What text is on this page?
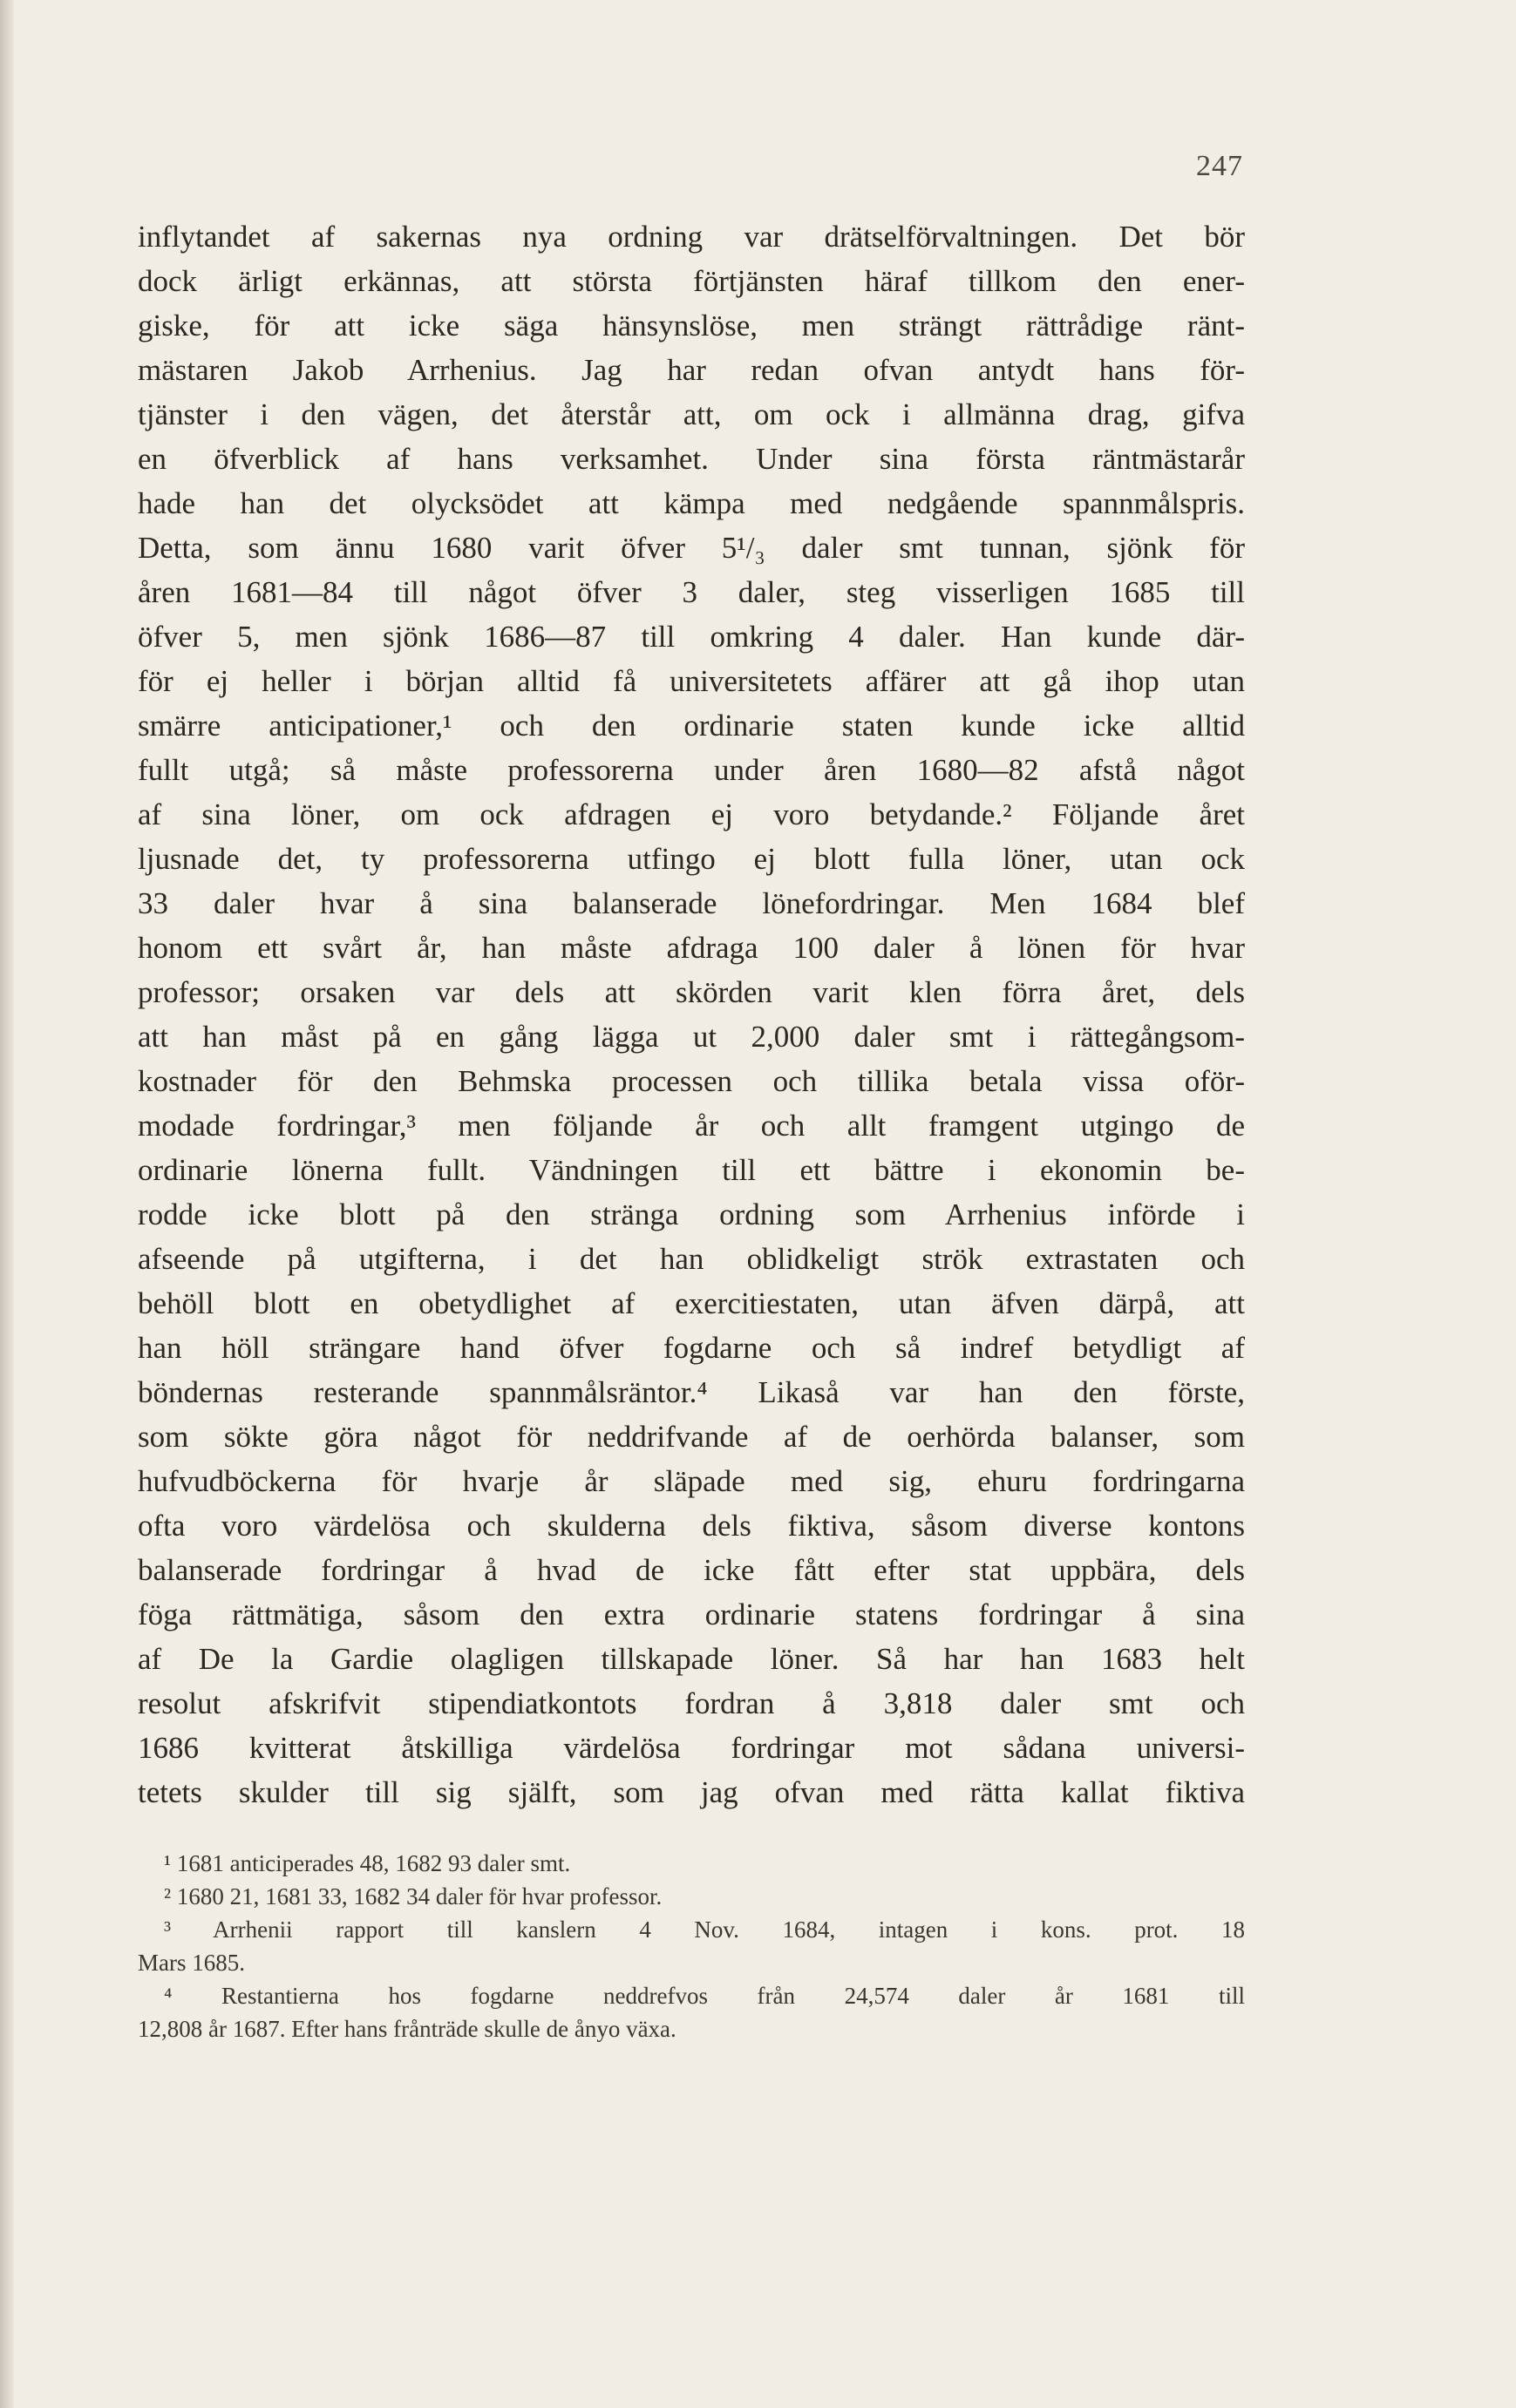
247
inflytandet af sakernas nya ordning var drätselförvaltningen. Det bör
dock ärligt erkännas, att största förtjänsten häraf tillkom den ener-
giske, för att icke säga hänsynslöse, men strängt rättrådige ränt-
mästaren Jakob Arrhenius. Jag har redan ofvan antydt hans för-
tjänster i den vägen, det återstår att, om ock i allmänna drag, gifva
en öfverblick af hans verksamhet. Under sina första räntmästarår
hade han det olycksödet att kämpa med nedgående spannmålspris.
Detta, som ännu 1680 varit öfver 5¹/₃ daler smt tunnan, sjönk för
åren 1681—84 till något öfver 3 daler, steg visserligen 1685 till
öfver 5, men sjönk 1686—87 till omkring 4 daler. Han kunde där-
för ej heller i början alltid få universitetets affärer att gå ihop utan
smärre anticipationer,¹ och den ordinarie staten kunde icke alltid
fullt utgå; så måste professorerna under åren 1680—82 afstå något
af sina löner, om ock afdragen ej voro betydande.² Följande året
ljusnade det, ty professorerna utfingo ej blott fulla löner, utan ock
33 daler hvar å sina balanserade lönefordringar. Men 1684 blef
honom ett svårt år, han måste afdraga 100 daler å lönen för hvar
professor; orsaken var dels att skörden varit klen förra året, dels
att han måst på en gång lägga ut 2,000 daler smt i rättegångsom-
kostnader för den Behmska processen och tillika betala vissa oför-
modade fordringar,³ men följande år och allt framgent utgingo de
ordinarie lönerna fullt. Vändningen till ett bättre i ekonomin be-
rodde icke blott på den stränga ordning som Arrhenius införde i
afseende på utgifterna, i det han oblidkeligt strök extrastaten och
behöll blott en obetydlighet af exercitiestaten, utan äfven därpå, att
han höll strängare hand öfver fogdarne och så indref betydligt af
böndernas resterande spannmålsräntor.⁴ Likaså var han den förste,
som sökte göra något för neddrifvande af de oerhörda balanser, som
hufvudböckerna för hvarje år släpade med sig, ehuru fordringarna
ofta voro värdelösa och skulderna dels fiktiva, såsom diverse kontons
balanserade fordringar å hvad de icke fått efter stat uppbära, dels
föga rättmätiga, såsom den extra ordinarie statens fordringar å sina
af De la Gardie olagligen tillskapade löner. Så har han 1683 helt
resolut afskrifvit stipendiatkontots fordran å 3,818 daler smt och
1686 kvitterat åtskilliga värdelösa fordringar mot sådana universi-
tetets skulder till sig själft, som jag ofvan med rätta kallat fiktiva
¹ 1681 anticiperades 48, 1682 93 daler smt.
² 1680 21, 1681 33, 1682 34 daler för hvar professor.
³ Arrhenii rapport till kanslern 4 Nov. 1684, intagen i kons. prot. 18
Mars 1685.
⁴ Restantierna hos fogdarne neddrefvos från 24,574 daler år 1681 till
12,808 år 1687. Efter hans frånträde skulle de ånyo växa.
